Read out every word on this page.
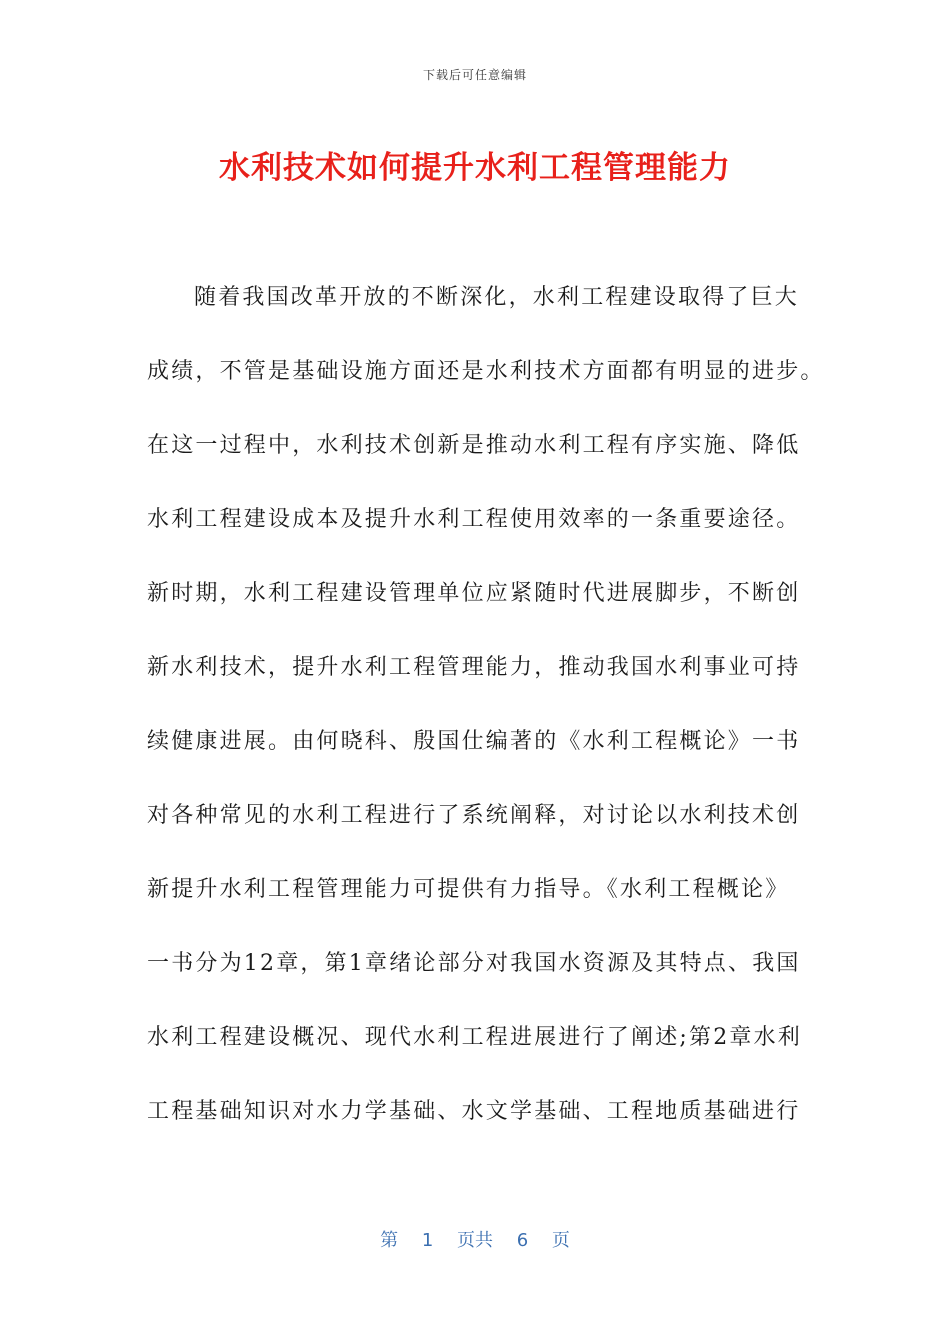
下载后可任意编辑
水利技术如何提升水利工程管理能力
随着我国改革开放的不断深化，水利工程建设取得了巨大
成绩，不管是基础设施方面还是水利技术方面都有明显的进步。
在这一过程中，水利技术创新是推动水利工程有序实施、降低
水利工程建设成本及提升水利工程使用效率的一条重要途径。
新时期，水利工程建设管理单位应紧随时代进展脚步，不断创
新水利技术，提升水利工程管理能力，推动我国水利事业可持
续健康进展。由何晓科、殷国仕编著的《水利工程概论》一书
对各种常见的水利工程进行了系统阐释，对讨论以水利技术创
新提升水利工程管理能力可提供有力指导。《水利工程概论》
一书分为12章，第1章绪论部分对我国水资源及其特点、我国
水利工程建设概况、现代水利工程进展进行了阐述;第2章水利
工程基础知识对水力学基础、水文学基础、工程地质基础进行
第 1 页共 6 页
